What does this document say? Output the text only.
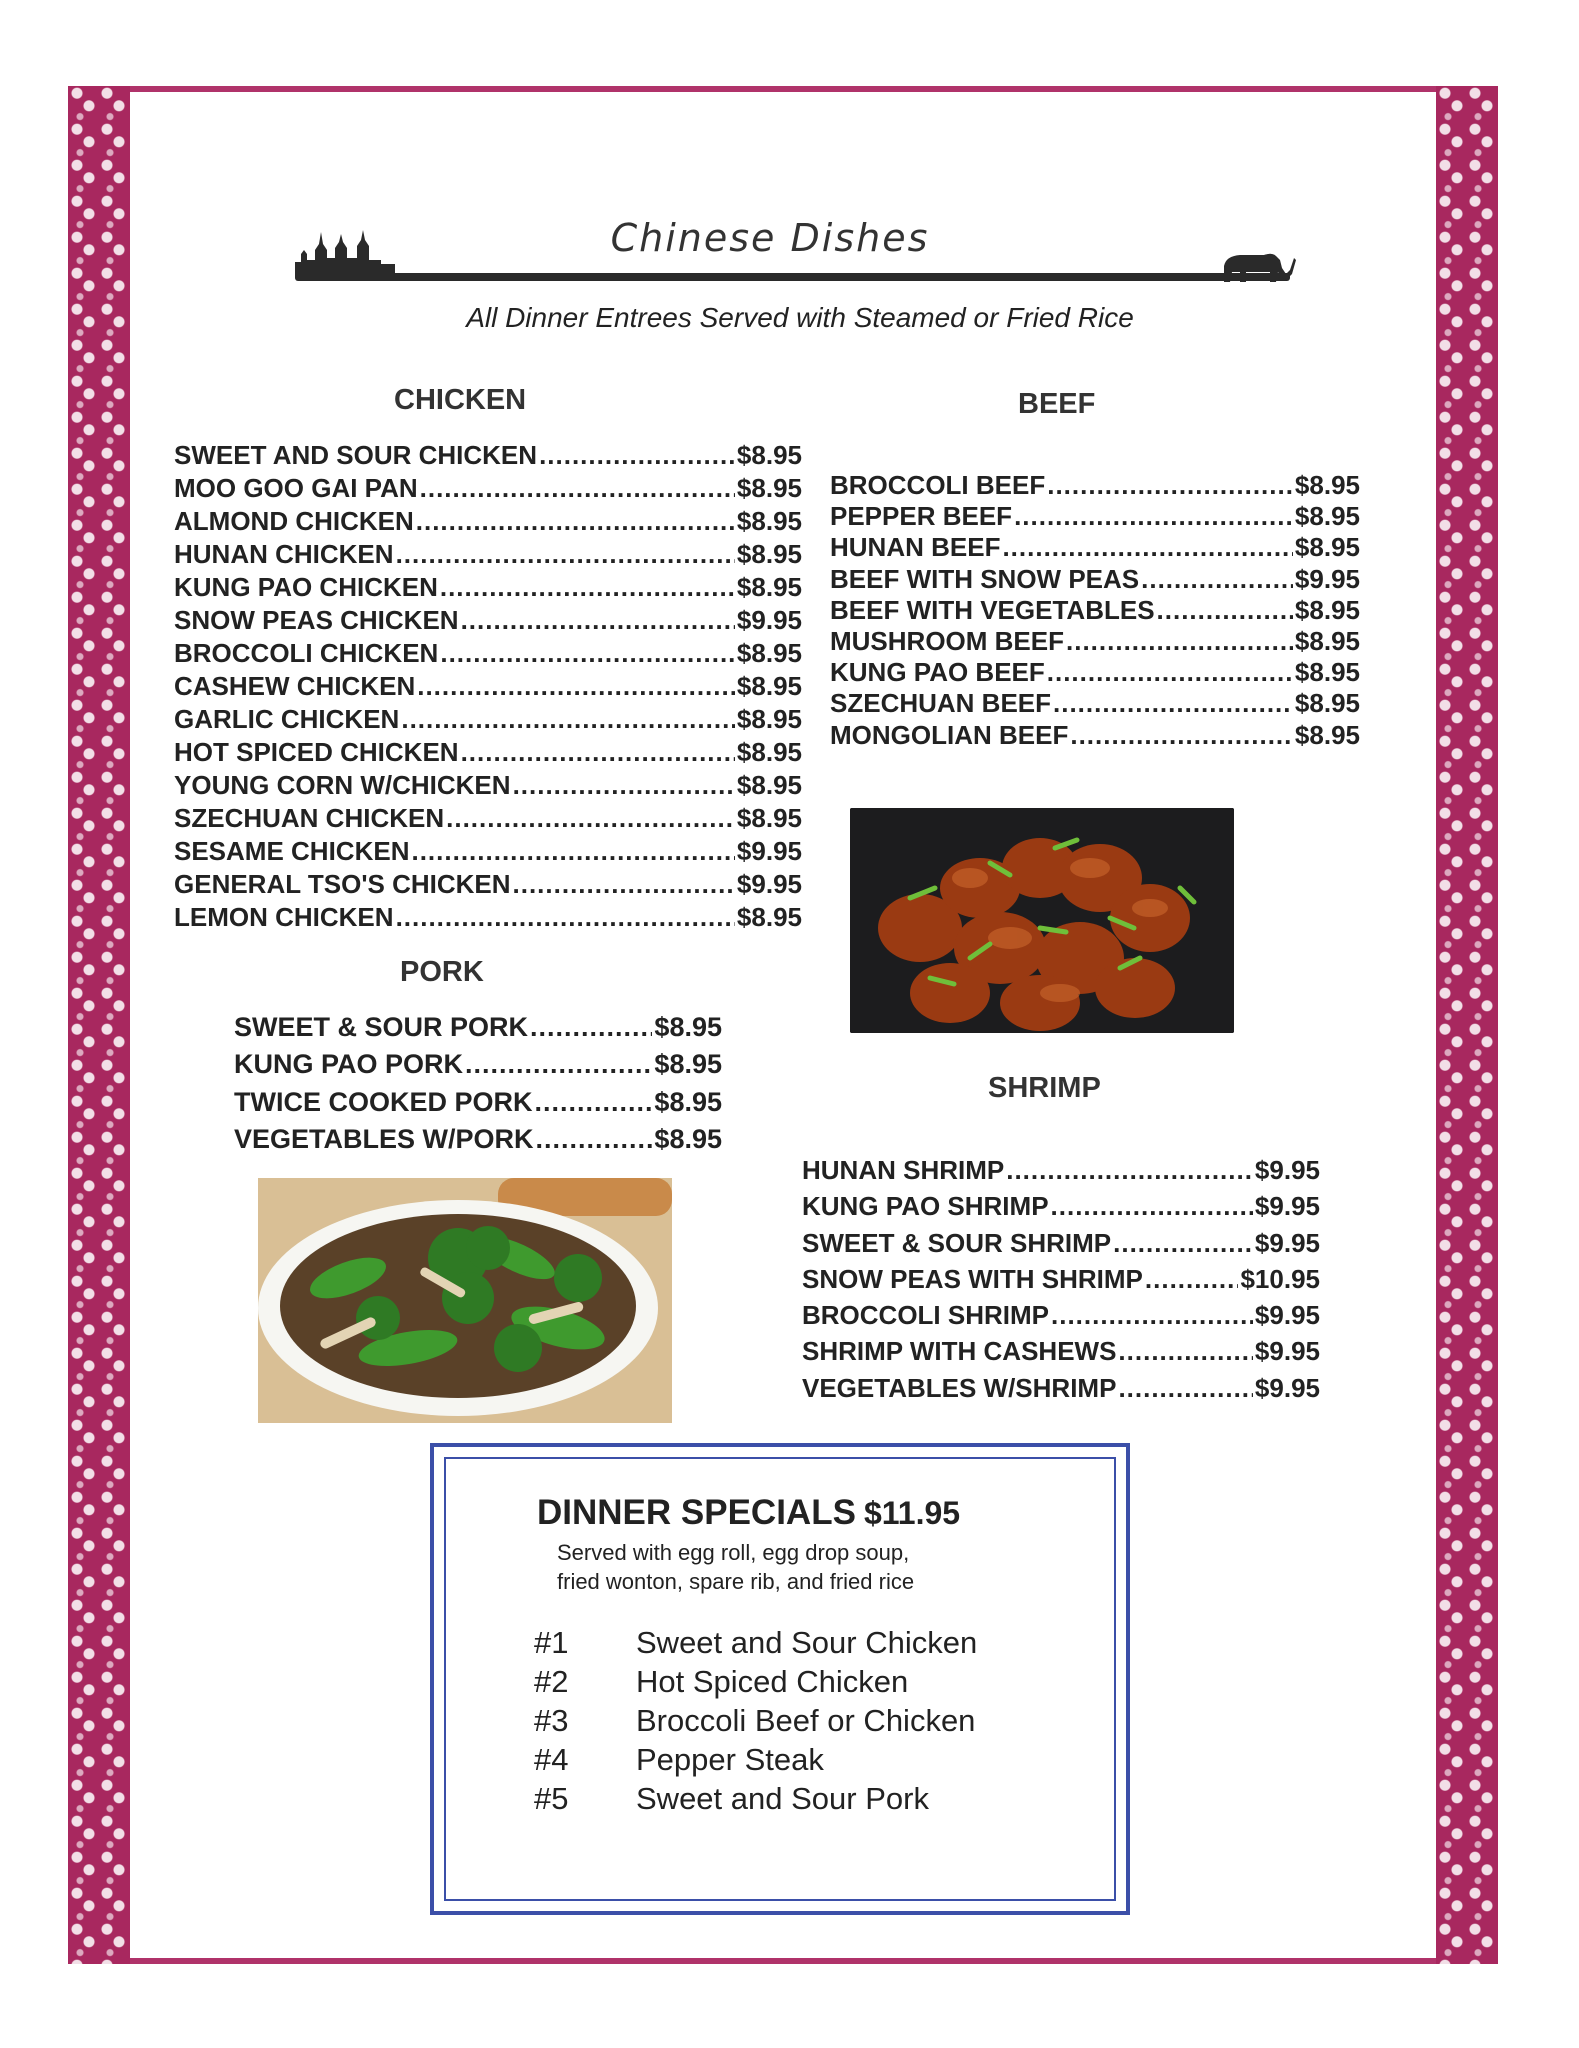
Chinese Dishes
All Dinner Entrees Served with Steamed or Fried Rice
CHICKEN
SWEET AND SOUR CHICKEN .....	$8.95
MOO GOO GAI PAN .....	$8.95
ALMOND CHICKEN .....	$8.95
HUNAN CHICKEN .....	$8.95
KUNG PAO CHICKEN .....	$8.95
SNOW PEAS CHICKEN .....	$9.95
BROCCOLI CHICKEN .....	$8.95
CASHEW CHICKEN .....	$8.95
GARLIC CHICKEN .....	$8.95
HOT SPICED CHICKEN .....	$8.95
YOUNG CORN W/CHICKEN .....	$8.95
SZECHUAN CHICKEN .....	$8.95
SESAME CHICKEN .....	$9.95
GENERAL TSO'S CHICKEN .....	$9.95
LEMON CHICKEN .....	$8.95
BEEF
BROCCOLI BEEF .....	$8.95
PEPPER BEEF .....	$8.95
HUNAN BEEF .....	$8.95
BEEF WITH SNOW PEAS .....	$9.95
BEEF WITH VEGETABLES .....	$8.95
MUSHROOM BEEF .....	$8.95
KUNG PAO BEEF .....	$8.95
SZECHUAN BEEF .....	$8.95
MONGOLIAN BEEF .....	$8.95
PORK
SWEET & SOUR PORK .....	$8.95
KUNG PAO PORK .....	$8.95
TWICE COOKED PORK .....	$8.95
VEGETABLES W/PORK .....	$8.95
SHRIMP
HUNAN SHRIMP .....	$9.95
KUNG PAO SHRIMP .....	$9.95
SWEET & SOUR SHRIMP .....	$9.95
SNOW PEAS WITH SHRIMP .....	$10.95
BROCCOLI SHRIMP .....	$9.95
SHRIMP WITH CASHEWS .....	$9.95
VEGETABLES W/SHRIMP .....	$9.95
DINNER SPECIALS $11.95
Served with egg roll, egg drop soup,
fried wonton, spare rib, and fried rice
#1	Sweet and Sour Chicken
#2	Hot Spiced Chicken
#3	Broccoli Beef or Chicken
#4	Pepper Steak
#5	Sweet and Sour Pork
